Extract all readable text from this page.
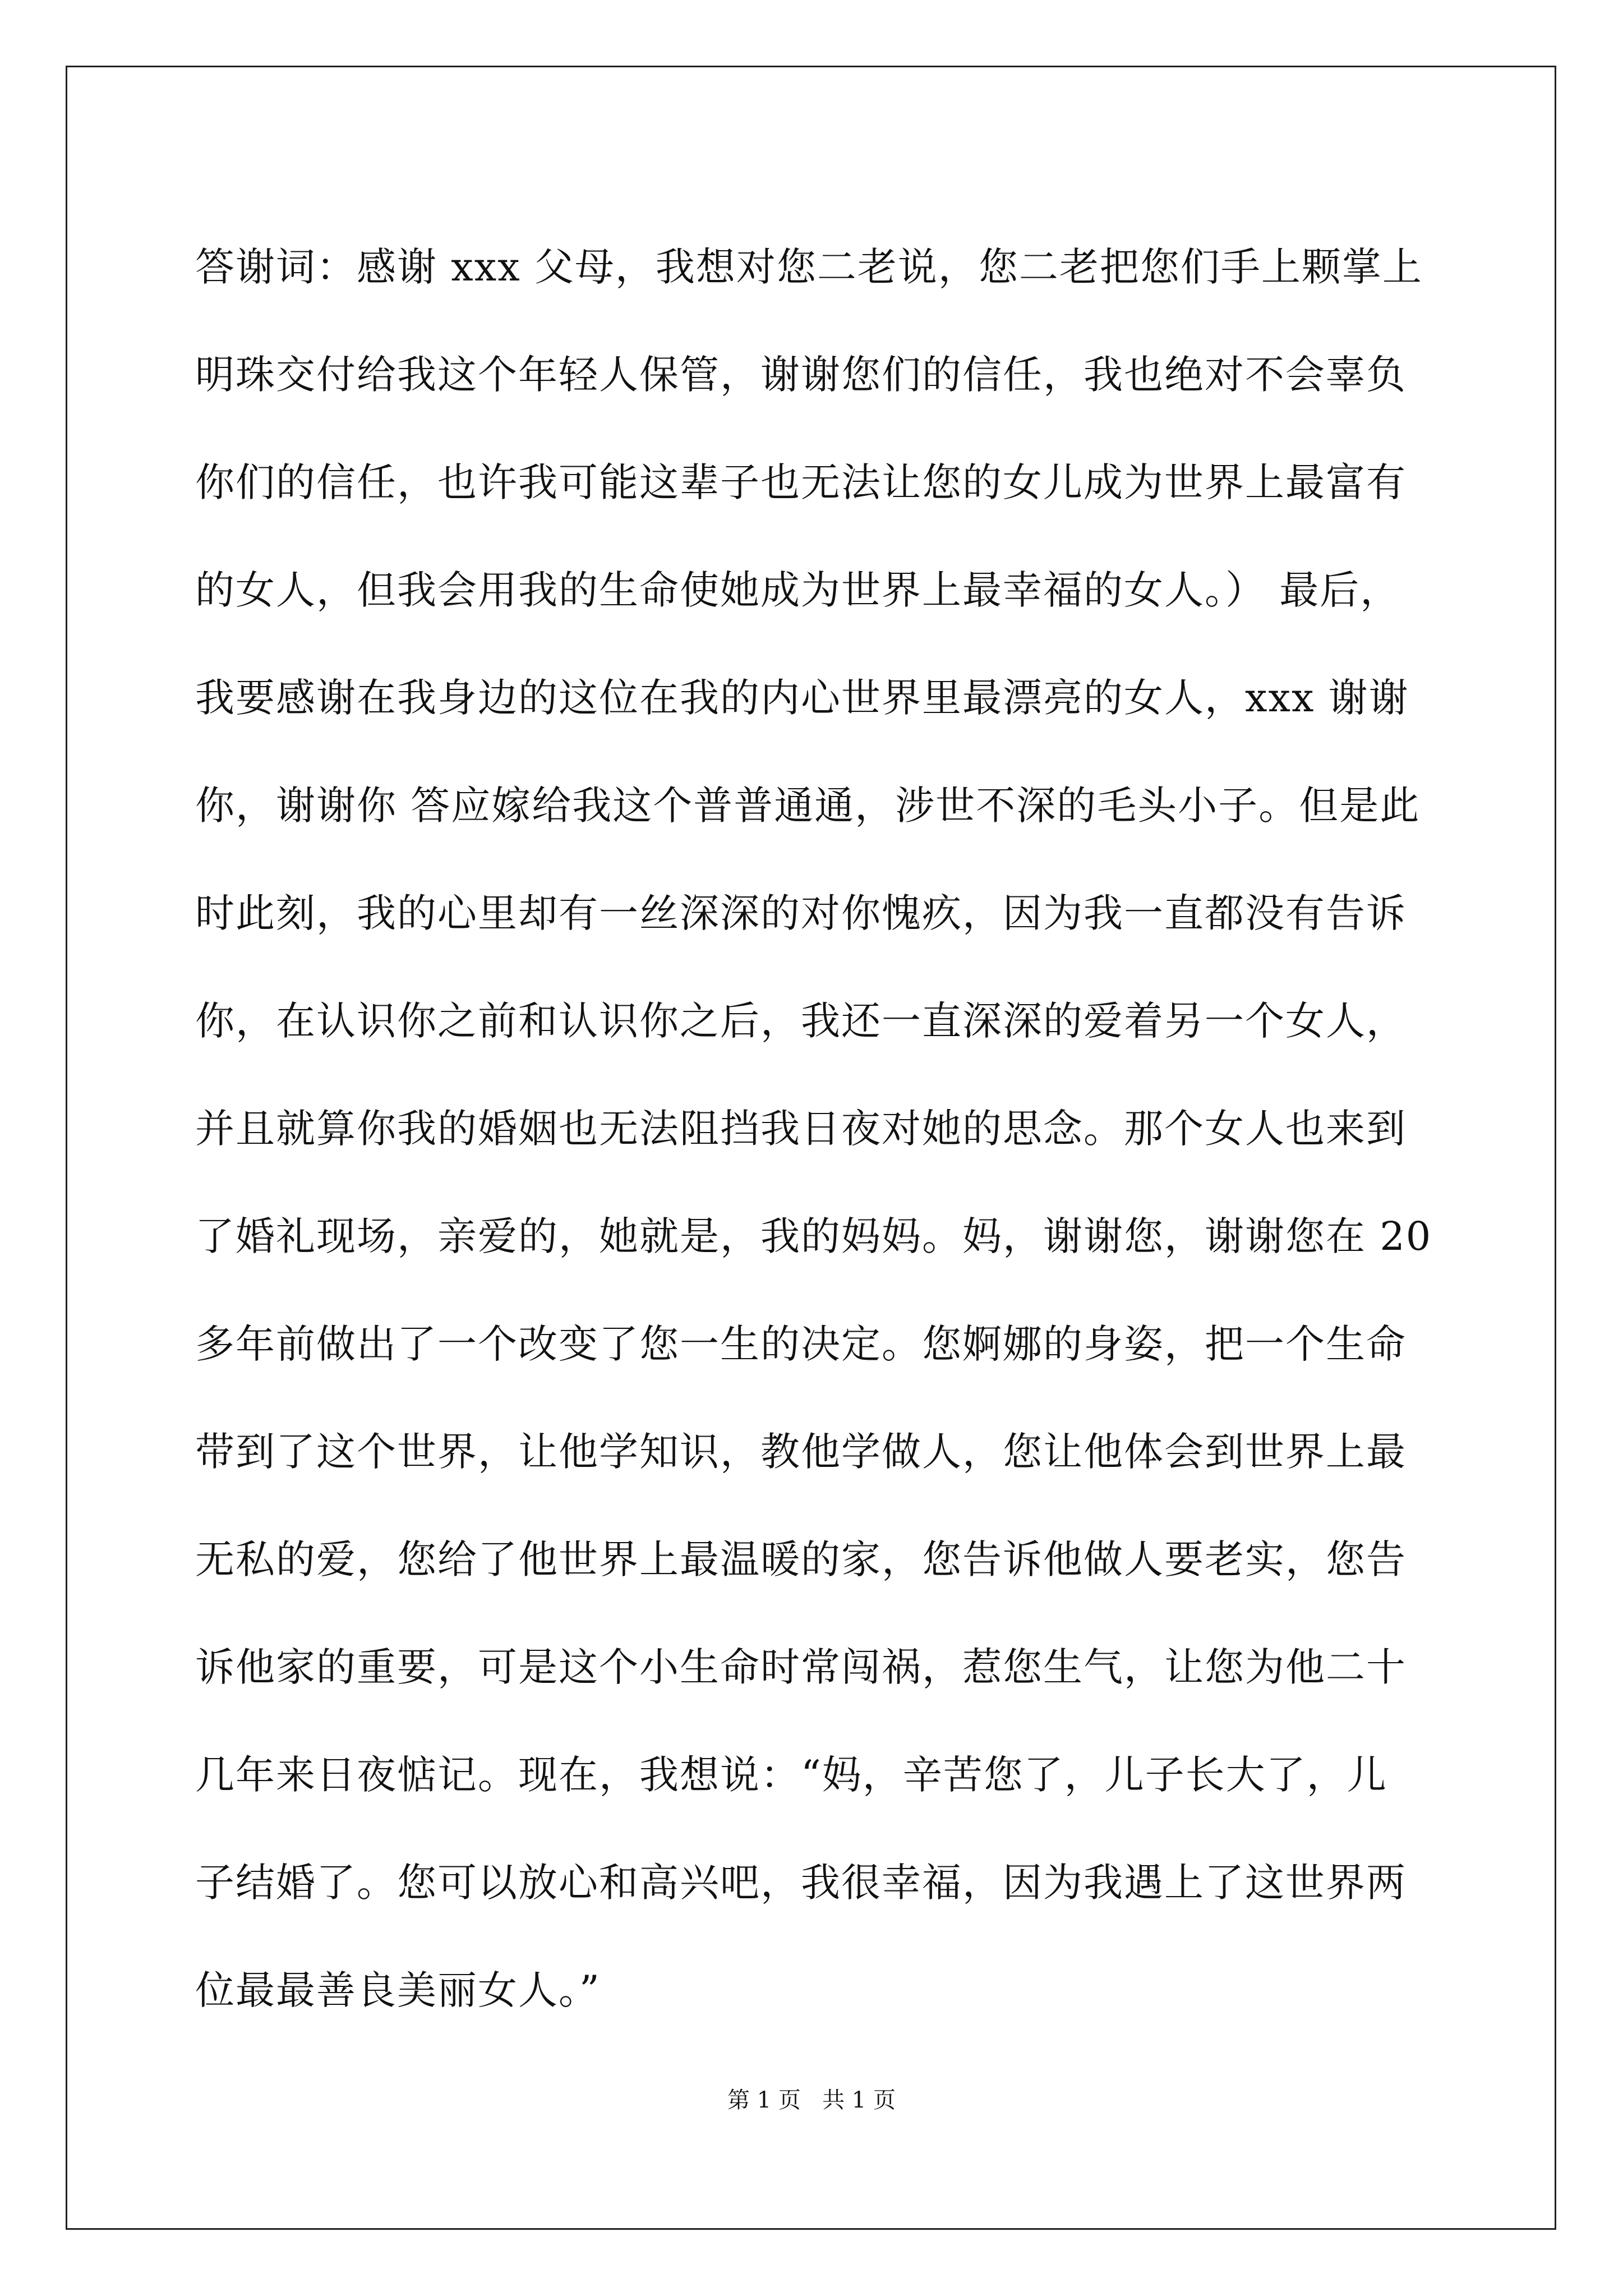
答谢词：感谢 xxx 父母，我想对您二老说，您二老把您们手上颗掌上
明珠交付给我这个年轻人保管，谢谢您们的信任，我也绝对不会辜负
你们的信任，也许我可能这辈子也无法让您的女儿成为世界上最富有
的女人，但我会用我的生命使她成为世界上最幸福的女人。） 最后，
我要感谢在我身边的这位在我的内心世界里最漂亮的女人，xxx 谢谢
你，谢谢你 答应嫁给我这个普普通通，涉世不深的毛头小子。但是此
时此刻，我的心里却有一丝深深的对你愧疚，因为我一直都没有告诉
你，在认识你之前和认识你之后，我还一直深深的爱着另一个女人，
并且就算你我的婚姻也无法阻挡我日夜对她的思念。那个女人也来到
了婚礼现场，亲爱的，她就是，我的妈妈。妈，谢谢您，谢谢您在 20
多年前做出了一个改变了您一生的决定。您婀娜的身姿，把一个生命
带到了这个世界，让他学知识，教他学做人，您让他体会到世界上最
无私的爱，您给了他世界上最温暖的家，您告诉他做人要老实，您告
诉他家的重要，可是这个小生命时常闯祸，惹您生气，让您为他二十
几年来日夜惦记。现在，我想说：“妈，辛苦您了，儿子长大了，儿
子结婚了。您可以放心和高兴吧，我很幸福，因为我遇上了这世界两
位最最善良美丽女人。”
第 1 页   共 1 页
